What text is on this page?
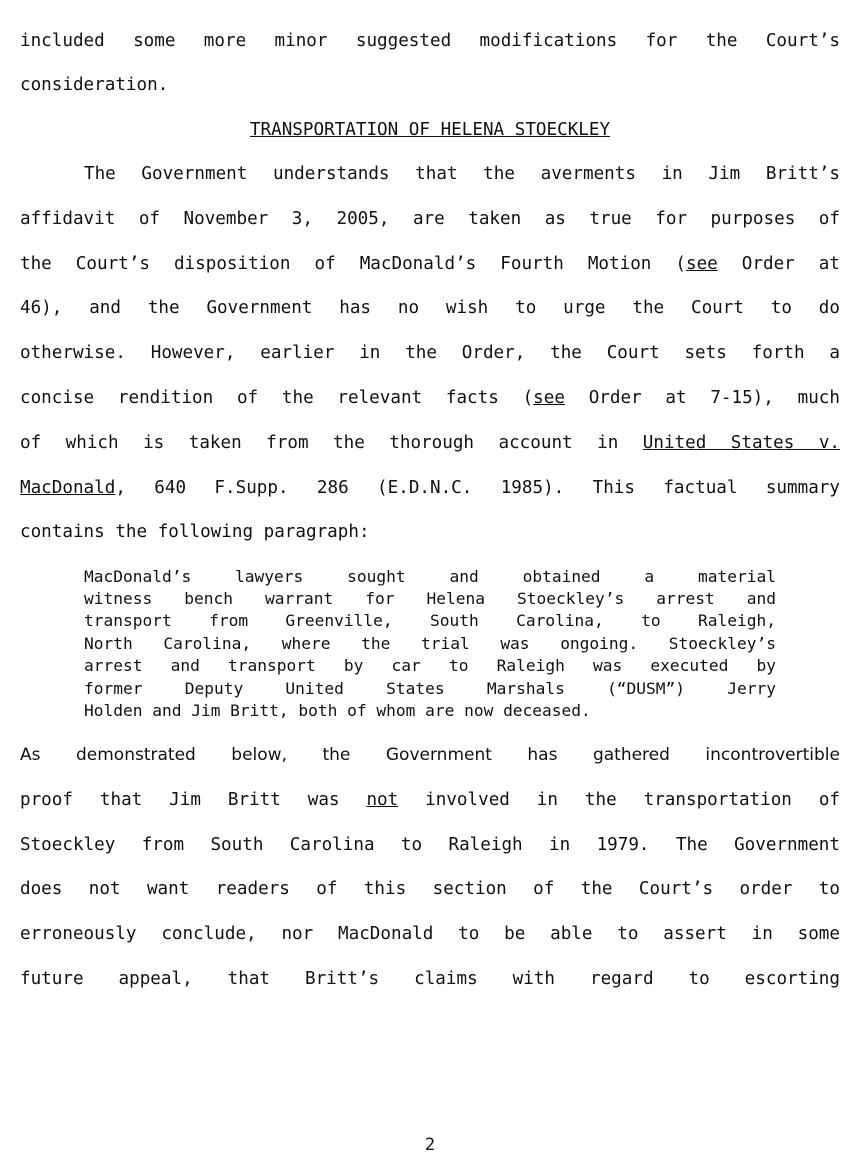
included some more minor suggested modifications for the Court’s
consideration.
TRANSPORTATION OF HELENA STOECKLEY
The Government understands that the averments in Jim Britt’s
affidavit of November 3, 2005, are taken as true for purposes of
the Court’s disposition of MacDonald’s Fourth Motion (see Order at
46), and the Government has no wish to urge the Court to do
otherwise. However, earlier in the Order, the Court sets forth a
concise rendition of the relevant facts (see Order at 7-15), much
of which is taken from the thorough account in United States v.
MacDonald, 640 F.Supp. 286 (E.D.N.C. 1985). This factual summary
contains the following paragraph:
MacDonald’s lawyers sought and obtained a material
witness bench warrant for Helena Stoeckley’s arrest and
transport from Greenville, South Carolina, to Raleigh,
North Carolina, where the trial was ongoing. Stoeckley’s
arrest and transport by car to Raleigh was executed by
former Deputy United States Marshals (“DUSM”) Jerry
Holden and Jim Britt, both of whom are now deceased.
As demonstrated below, the Government has gathered incontrovertible
proof that Jim Britt was not involved in the transportation of
Stoeckley from South Carolina to Raleigh in 1979. The Government
does not want readers of this section of the Court’s order to
erroneously conclude, nor MacDonald to be able to assert in some
future appeal, that Britt’s claims with regard to escorting
2
